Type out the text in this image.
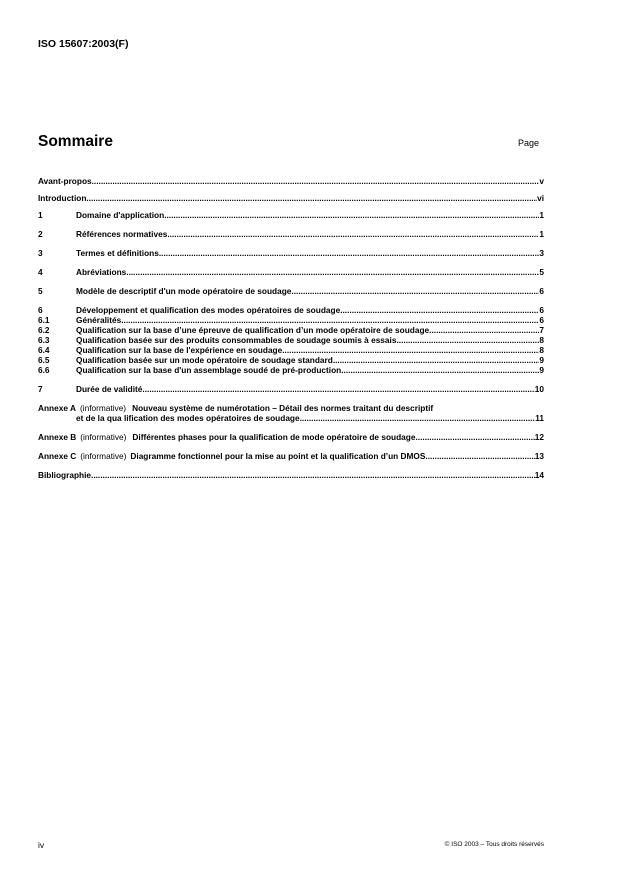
ISO 15607:2003(F)
Sommaire	Page
Avant-propos .....	v
Introduction .....	vi
1	Domaine d'application .....	1
2	Références normatives .....	1
3	Termes et définitions .....	3
4	Abréviations .....	5
5	Modèle de descriptif d'un mode opératoire de soudage .....	6
6	Développement et qualification des modes opératoires de soudage .....	6
6.1	Généralités .....	6
6.2	Qualification sur la base d’une épreuve de qualification d’un mode opératoire de soudage .....	7
6.3	Qualification basée sur des produits consommables de soudage soumis à essais .....	8
6.4	Qualification sur la base de l'expérience en soudage .....	8
6.5	Qualification basée sur un mode opératoire de soudage standard .....	9
6.6	Qualification sur la base d'un assemblage soudé de pré-production .....	9
7	Durée de validité .....	10
Annexe A (informative) Nouveau système de numérotation – Détail des normes traitant du descriptif
et de la qua lification des modes opératoires de soudage .....	11
Annexe B (informative) Différentes phases pour la qualification de mode opératoire de soudage .....	12
Annexe C (informative) Diagramme fonctionnel pour la mise au point et la qualification d’un DMOS .....	13
Bibliographie .....	14
iv	© ISO 2003 – Tous droits réservés
